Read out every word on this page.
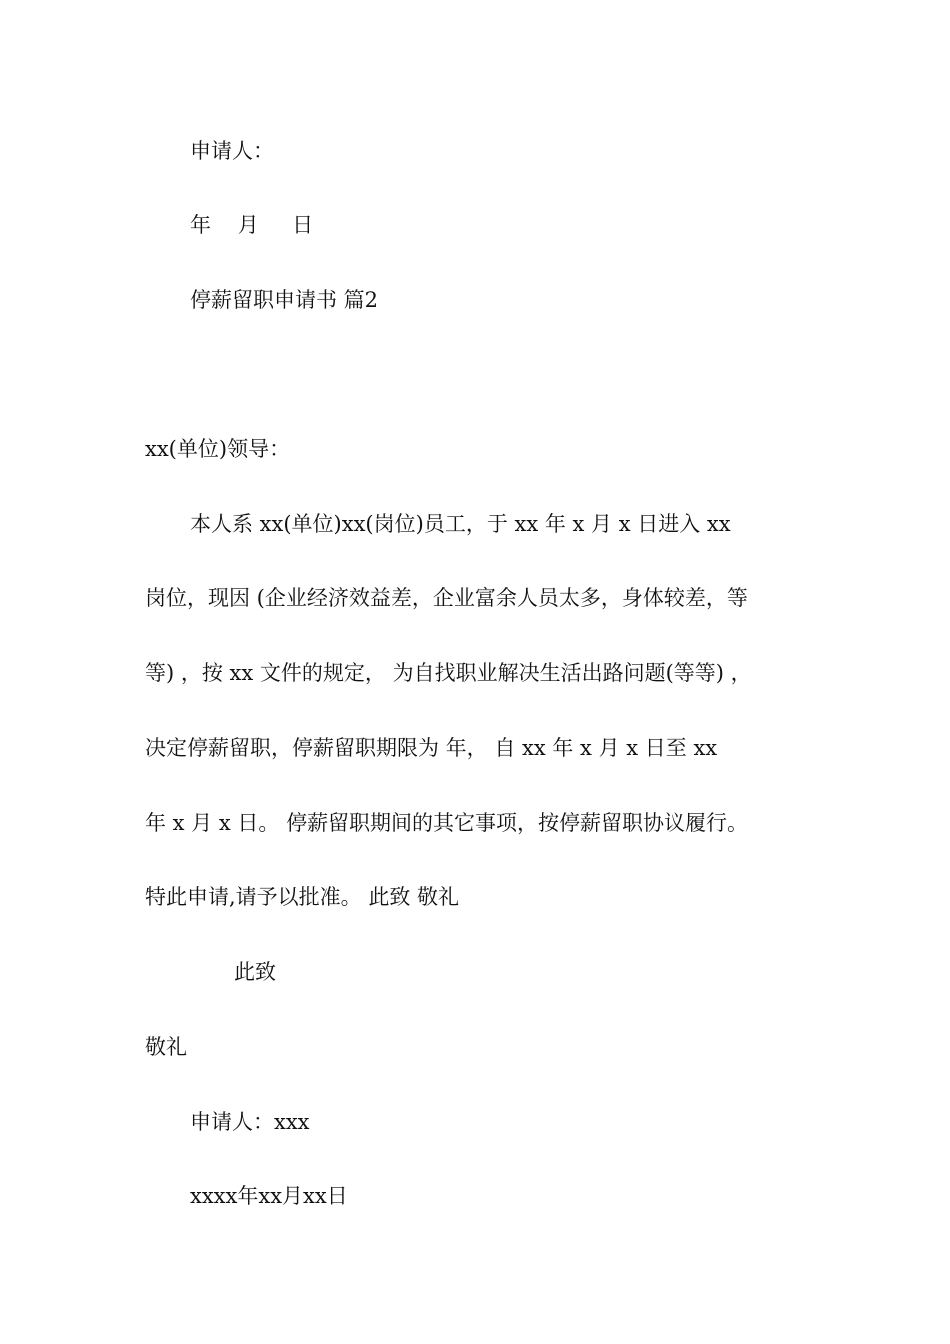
申请人：
年    月     日
停薪留职申请书 篇2
xx(单位)领导：
本人系 xx(单位)xx(岗位)员工，于 xx 年 x 月 x 日进入 xx
岗位，现因 (企业经济效益差，企业富余人员太多，身体较差，等
等) ，按 xx 文件的规定， 为自找职业解决生活出路问题(等等) ，
决定停薪留职，停薪留职期限为 年， 自 xx 年 x 月 x 日至 xx
年 x 月 x 日。 停薪留职期间的其它事项，按停薪留职协议履行。
特此申请,请予以批准。 此致 敬礼
此致
敬礼
申请人：xxx
xxxx年xx月xx日
